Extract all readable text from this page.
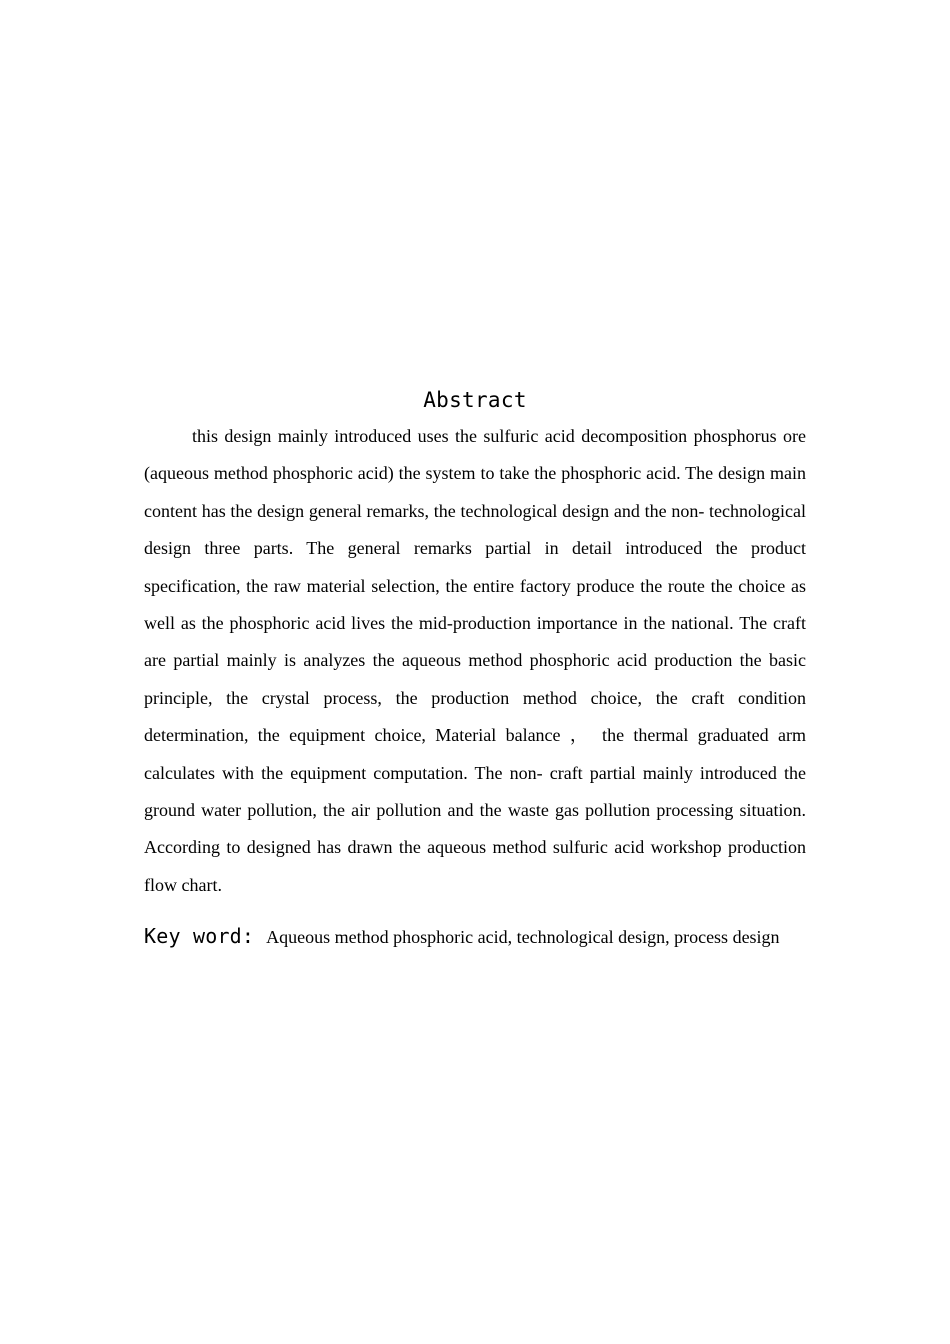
Abstract

this design mainly introduced uses the sulfuric acid decomposition phosphorus ore (aqueous method phosphoric acid) the system to take the phosphoric acid. The design main content has the design general remarks, the technological design and the non- technological design three parts. The general remarks partial in detail introduced the product specification, the raw material selection, the entire factory produce the route the choice as well as the phosphoric acid lives the mid-production importance in the national. The craft are partial mainly is analyzes the aqueous method phosphoric acid production the basic principle, the crystal process, the production method choice, the craft condition determination, the equipment choice, Material balance ， the thermal graduated arm calculates with the equipment computation. The non- craft partial mainly introduced the ground water pollution, the air pollution and the waste gas pollution processing situation. According to designed has drawn the aqueous method sulfuric acid workshop production flow chart.

Key word: Aqueous method phosphoric acid, technological design, process design
